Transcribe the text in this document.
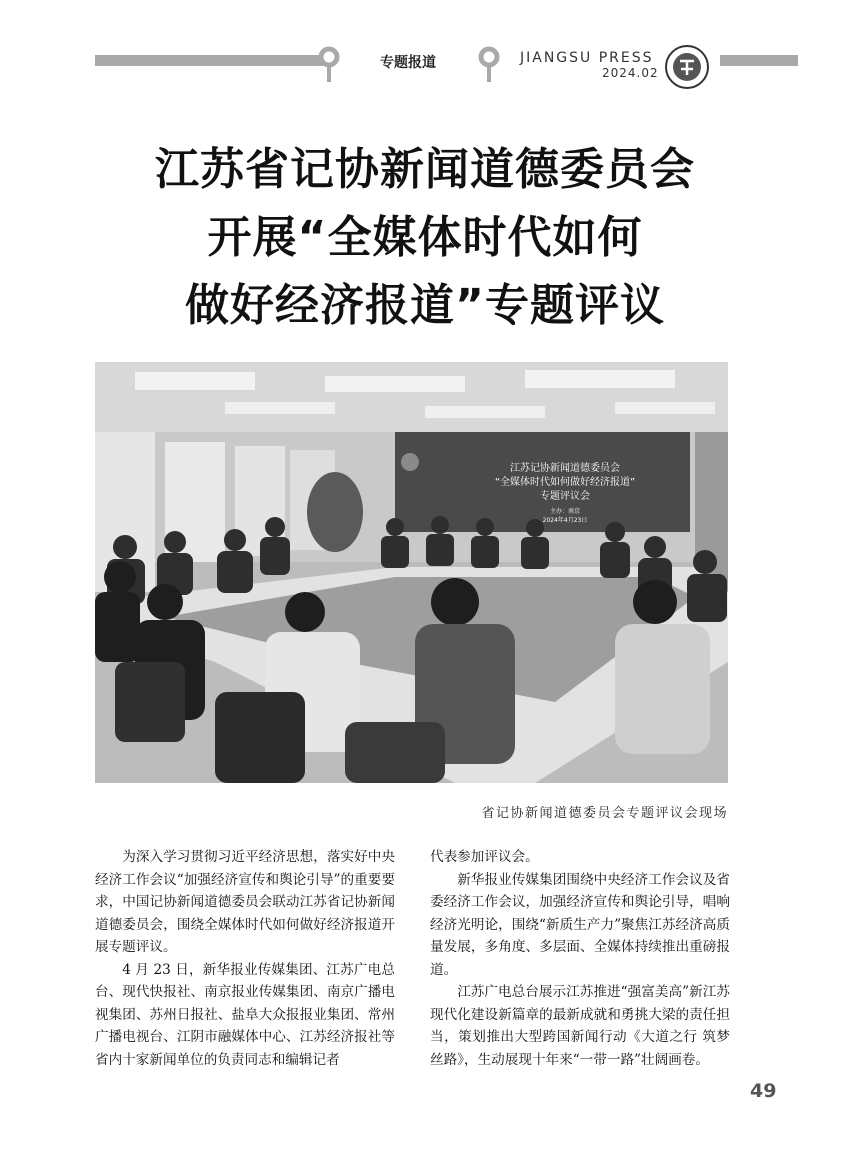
专题报道	JIANGSU PRESS
2024.02
江苏省记协新闻道德委员会
开展“全媒体时代如何
做好经济报道”专题评议
江苏记协新闻道德委员会
“全媒体时代如何做好经济报道”
专题评议会
主办：南京
2024年4月23日
省记协新闻道德委员会专题评议会现场

为深入学习贯彻习近平经济思想，落实好中央经济工作会议“加强经济宣传和舆论引导”的重要要求，中国记协新闻道德委员会联动江苏省记协新闻道德委员会，围绕全媒体时代如何做好经济报道开展专题评议。

4 月 23 日，新华报业传媒集团、江苏广电总台、现代快报社、南京报业传媒集团、南京广播电视集团、苏州日报社、盐阜大众报报业集团、常州广播电视台、江阴市融媒体中心、江苏经济报社等省内十家新闻单位的负责同志和编辑记者

代表参加评议会。

新华报业传媒集团围绕中央经济工作会议及省委经济工作会议，加强经济宣传和舆论引导，唱响经济光明论，围绕“新质生产力”聚焦江苏经济高质量发展，多角度、多层面、全媒体持续推出重磅报道。

江苏广电总台展示江苏推进“强富美高”新江苏现代化建设新篇章的最新成就和勇挑大梁的责任担当，策划推出大型跨国新闻行动《大道之行 筑梦丝路》，生动展现十年来“一带一路”壮阔画卷。

49
